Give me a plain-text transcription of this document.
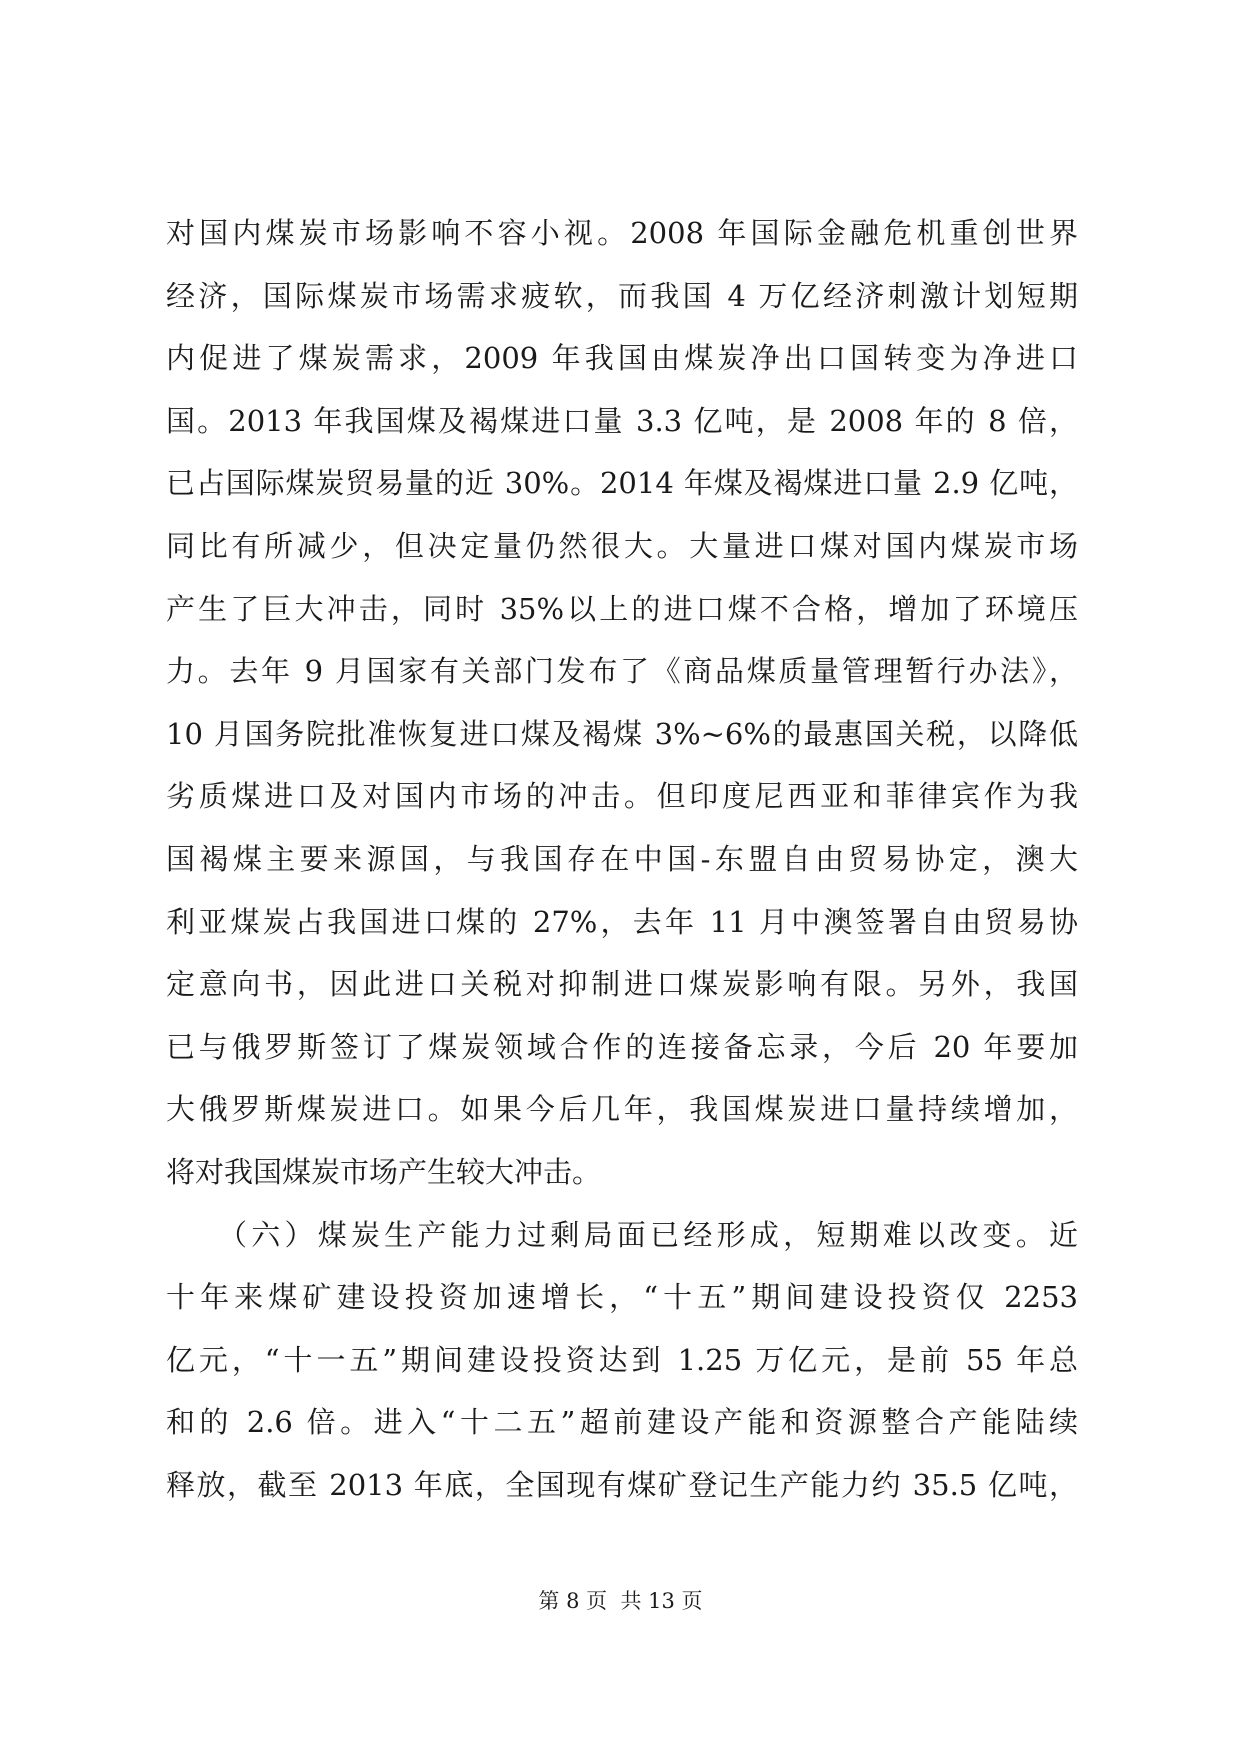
对国内煤炭市场影响不容小视。2008 年国际金融危机重创世界
经济，国际煤炭市场需求疲软，而我国 4 万亿经济刺激计划短期
内促进了煤炭需求，2009 年我国由煤炭净出口国转变为净进口
国。2013 年我国煤及褐煤进口量 3.3 亿吨，是 2008 年的 8 倍，
已占国际煤炭贸易量的近 30%。2014 年煤及褐煤进口量 2.9 亿吨，
同比有所减少，但决定量仍然很大。大量进口煤对国内煤炭市场
产生了巨大冲击，同时 35%以上的进口煤不合格，增加了环境压
力。去年 9 月国家有关部门发布了《商品煤质量管理暂行办法》，
10 月国务院批准恢复进口煤及褐煤 3%~6%的最惠国关税，以降低
劣质煤进口及对国内市场的冲击。但印度尼西亚和菲律宾作为我
国褐煤主要来源国，与我国存在中国-东盟自由贸易协定，澳大
利亚煤炭占我国进口煤的 27%，去年 11 月中澳签署自由贸易协
定意向书，因此进口关税对抑制进口煤炭影响有限。另外，我国
已与俄罗斯签订了煤炭领域合作的连接备忘录，今后 20 年要加
大俄罗斯煤炭进口。如果今后几年，我国煤炭进口量持续增加，
将对我国煤炭市场产生较大冲击。
　　（六）煤炭生产能力过剩局面已经形成，短期难以改变。近
十年来煤矿建设投资加速增长，“十五”期间建设投资仅 2253
亿元，“十一五”期间建设投资达到 1.25 万亿元，是前 55 年总
和的 2.6 倍。进入“十二五”超前建设产能和资源整合产能陆续
释放，截至 2013 年底，全国现有煤矿登记生产能力约 35.5 亿吨，
第 8 页  共 13 页
